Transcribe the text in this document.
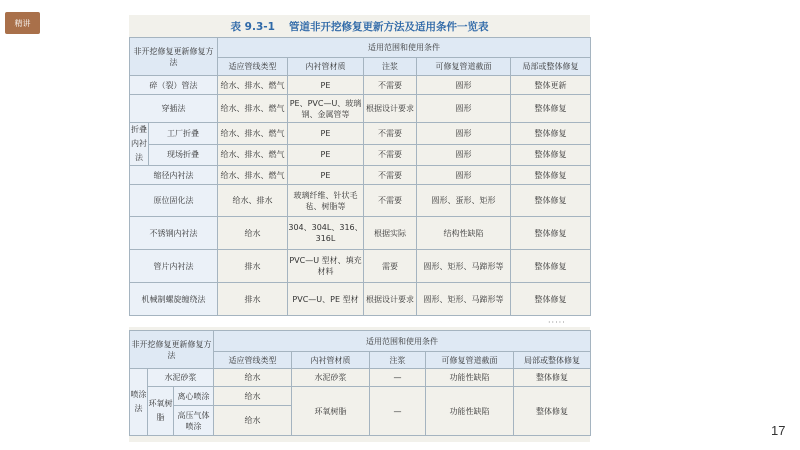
精讲	表 9.3-1 管道非开挖修复更新方法及适用条件一览表
非开挖修复更新修复方法		适用范围和使用条件				
		适应管线类型	内衬管材质	注浆	可修复管道截面	局部或整体修复
碎（裂）管法		给水、排水、燃气	PE	不需要	圆形	整体更新
穿插法		给水、排水、燃气	PE、PVC—U、玻璃钢、金属管等	根据设计要求	圆形	整体修复
折叠内衬法	工厂折叠	给水、排水、燃气	PE	不需要	圆形	整体修复
	现场折叠	给水、排水、燃气	PE	不需要	圆形	整体修复
缩径内衬法		给水、排水、燃气	PE	不需要	圆形	整体修复
原位固化法		给水、排水	玻璃纤维、针状毛毡、树脂等	不需要	圆形、蛋形、矩形	整体修复
不锈钢内衬法		给水	304、304L、316、316L	根据实际	结构性缺陷	整体修复
管片内衬法		排水	PVC—U 型材、填充材料	需要	圆形、矩形、马蹄形等	整体修复
机械制螺旋缠绕法		排水	PVC—U、PE 型材	根据设计要求	圆形、矩形、马蹄形等	整体修复
·····
非开挖修复更新修复方法			适用范围和使用条件				
			适应管线类型	内衬管材质	注浆	可修复管道截面	局部或整体修复
喷涂法	水泥砂浆		给水	水泥砂浆	—	功能性缺陷	整体修复
	环氧树脂	离心喷涂	给水	环氧树脂	—	功能性缺陷	整体修复
		高压气体喷涂	给水				
17
